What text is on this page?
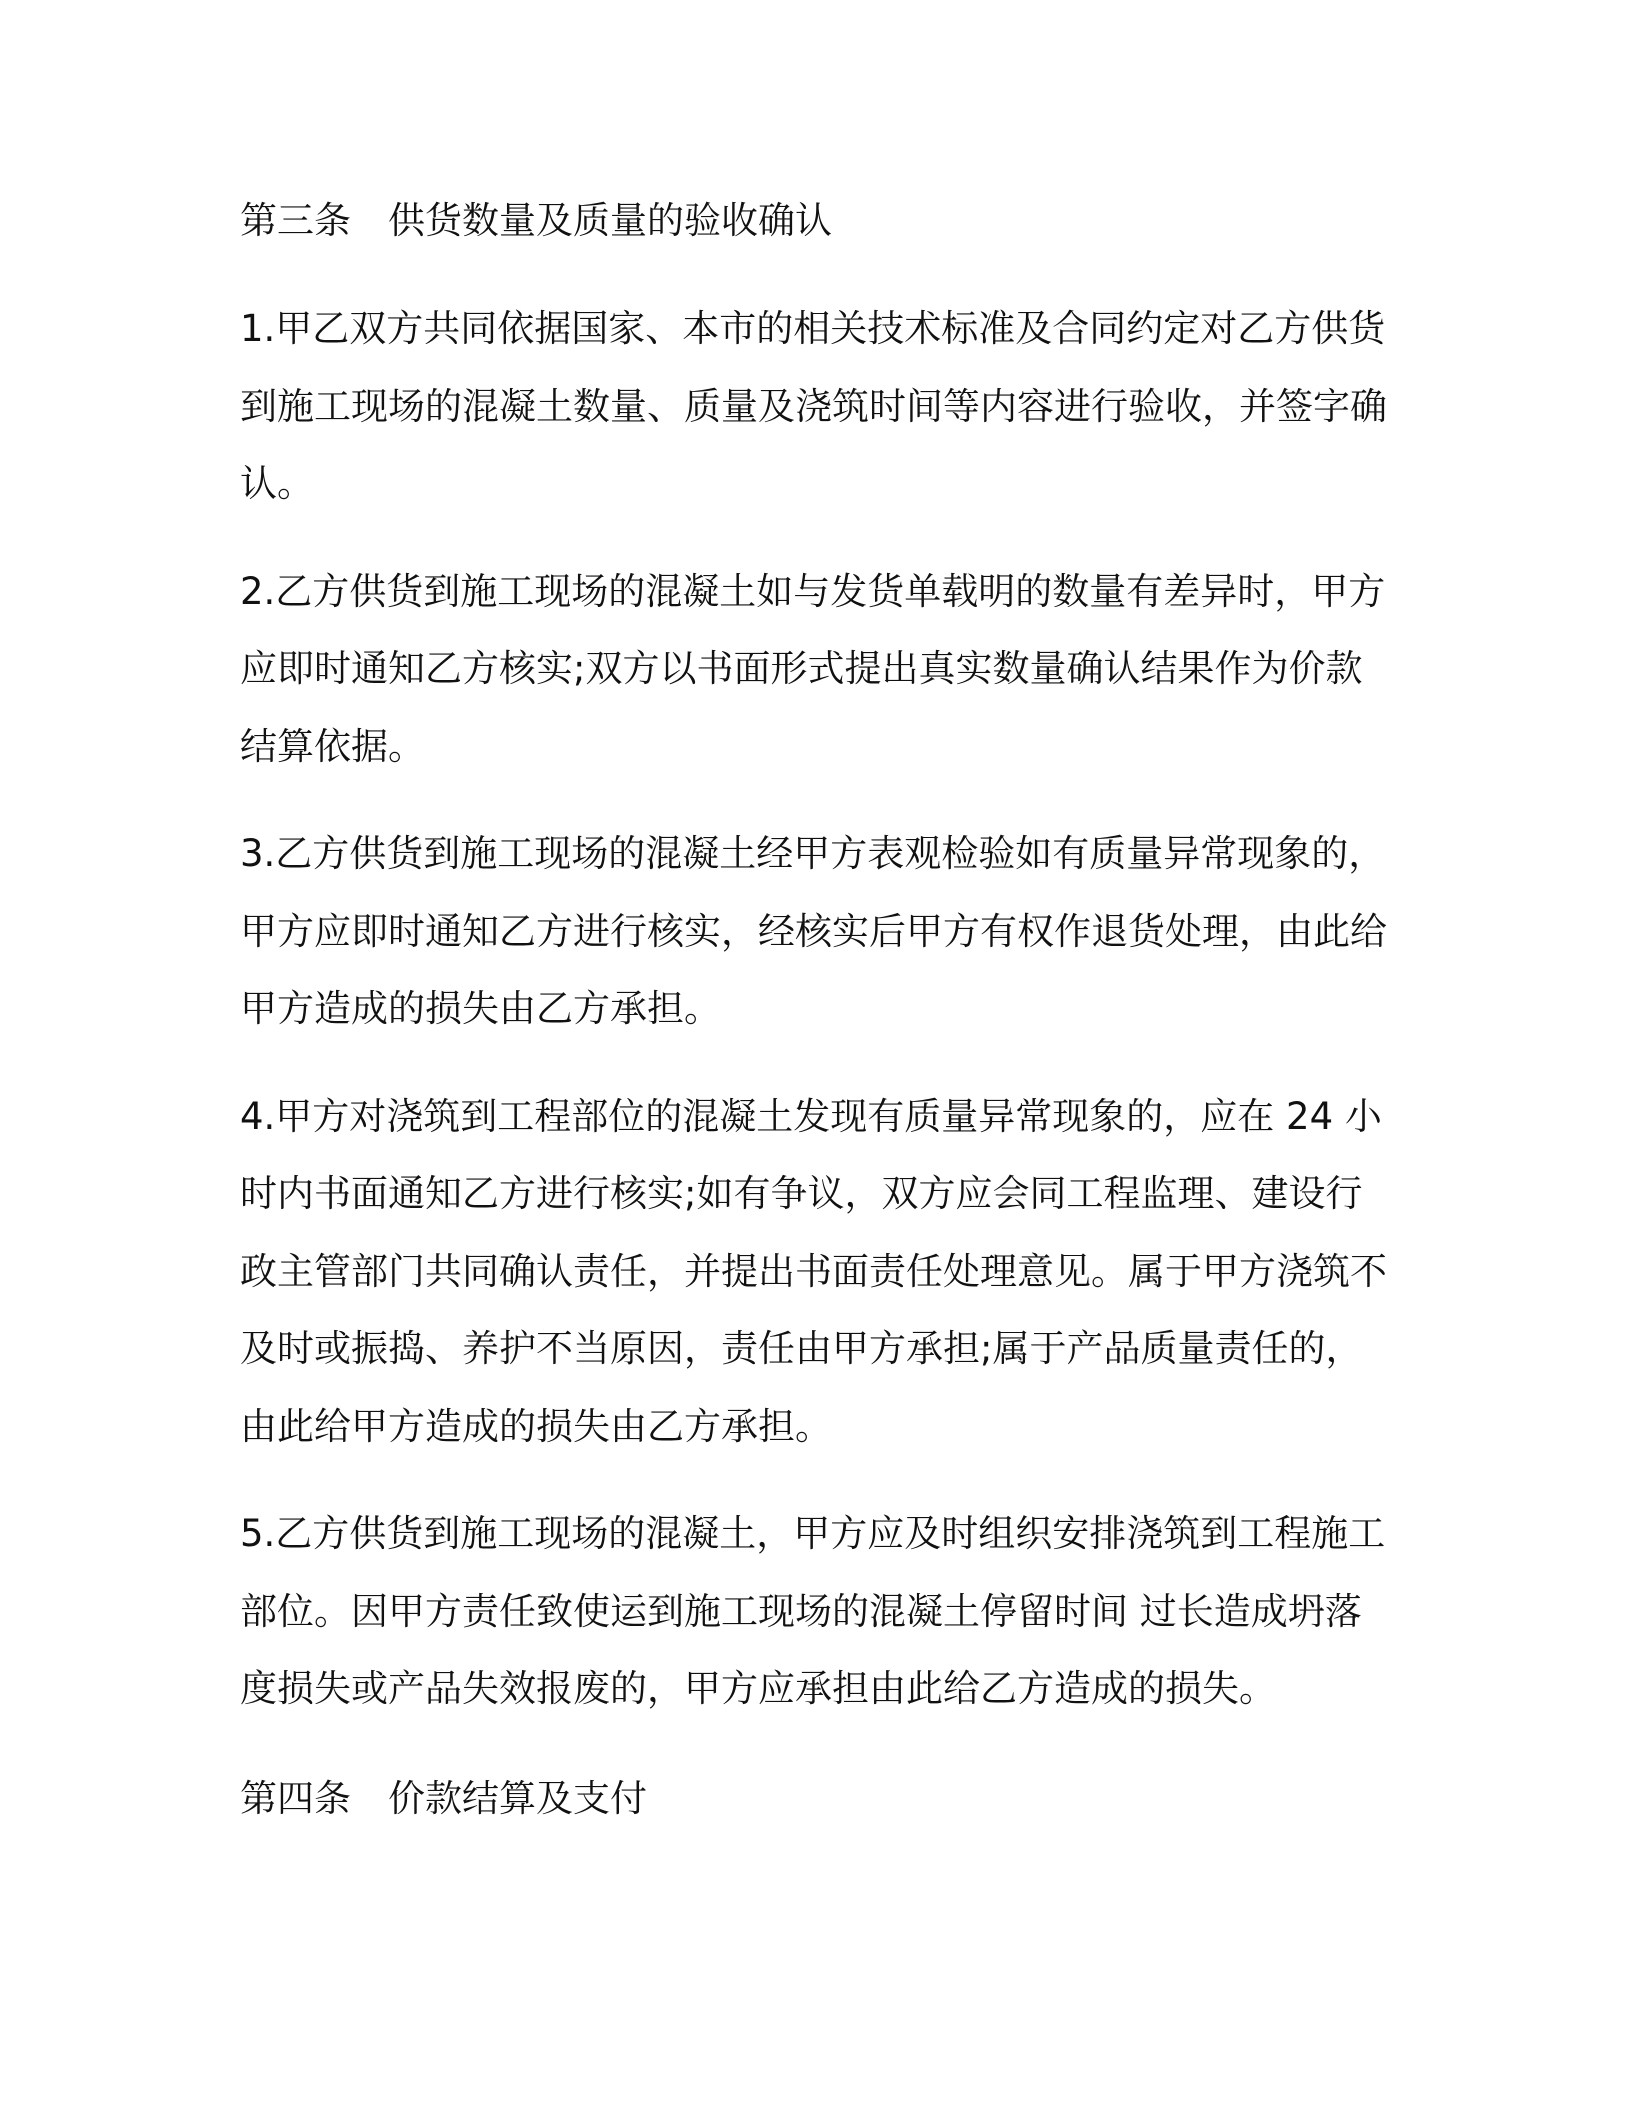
第三条　供货数量及质量的验收确认

1.甲乙双方共同依据国家、本市的相关技术标准及合同约定对乙方供货到施工现场的混凝土数量、质量及浇筑时间等内容进行验收，并签字确认。

2.乙方供货到施工现场的混凝土如与发货单载明的数量有差异时，甲方应即时通知乙方核实;双方以书面形式提出真实数量确认结果作为价款结算依据。

3.乙方供货到施工现场的混凝土经甲方表观检验如有质量异常现象的，甲方应即时通知乙方进行核实，经核实后甲方有权作退货处理，由此给甲方造成的损失由乙方承担。

4.甲方对浇筑到工程部位的混凝土发现有质量异常现象的，应在 24 小时内书面通知乙方进行核实;如有争议，双方应会同工程监理、建设行政主管部门共同确认责任，并提出书面责任处理意见。属于甲方浇筑不及时或振捣、养护不当原因，责任由甲方承担;属于产品质量责任的，由此给甲方造成的损失由乙方承担。

5.乙方供货到施工现场的混凝土，甲方应及时组织安排浇筑到工程施工部位。因甲方责任致使运到施工现场的混凝土停留时间 过长造成坍落度损失或产品失效报废的，甲方应承担由此给乙方造成的损失。

第四条　价款结算及支付
